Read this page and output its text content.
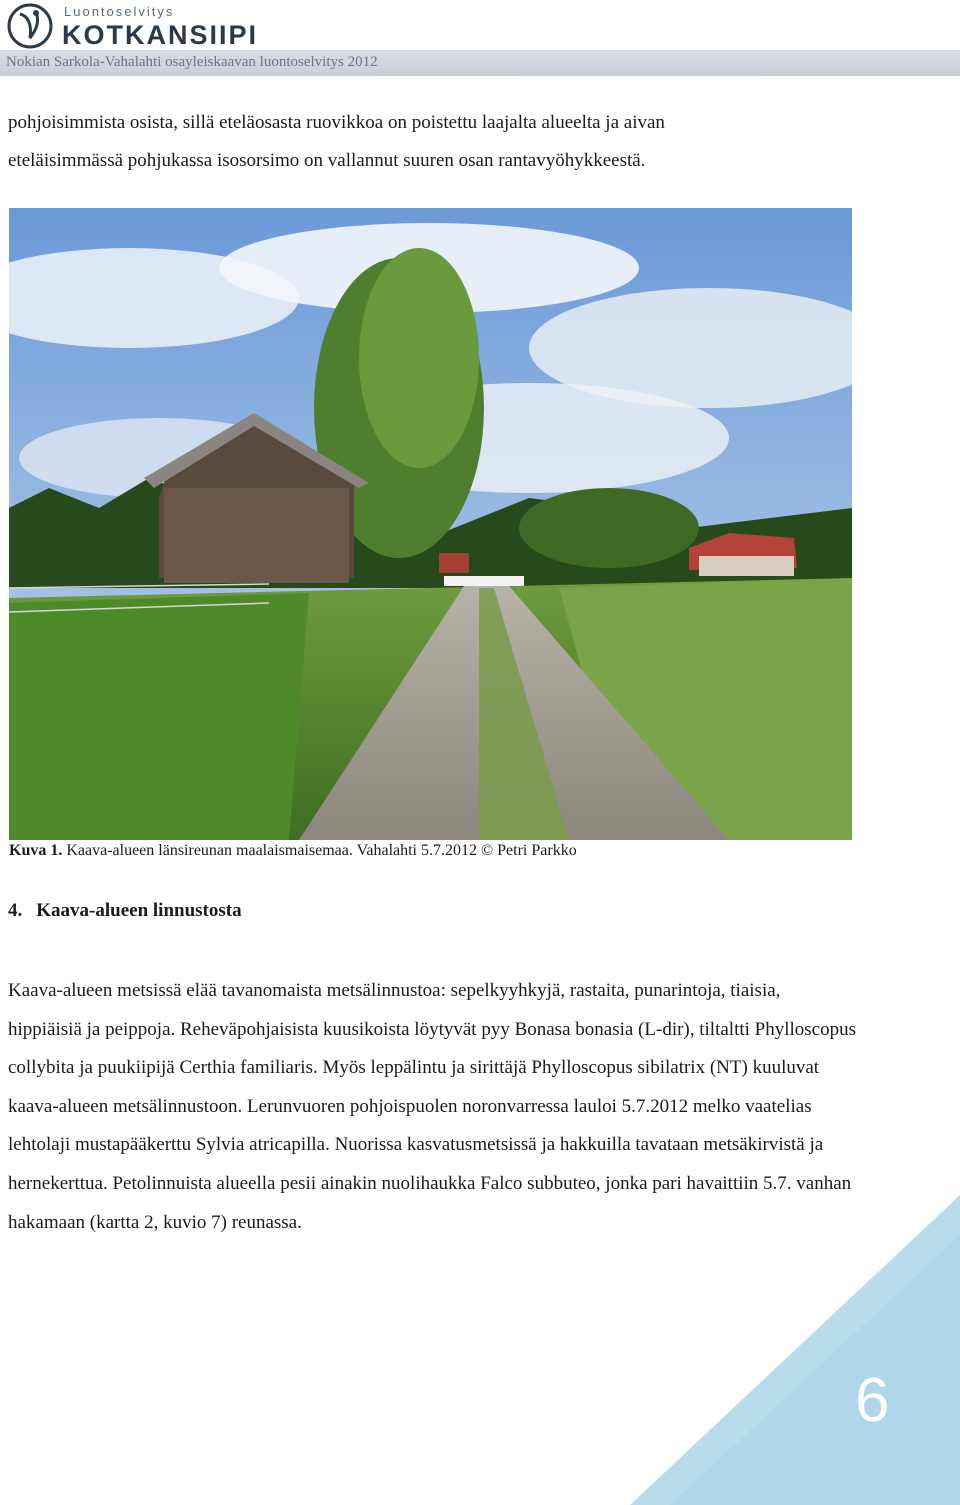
Luontoselvitys
KOTKANSIIPI
Nokian Sarkola-Vahalahti osayleiskaavan luontoselvitys 2012

pohjoisimmista osista, sillä eteläosasta ruovikkoa on poistettu laajalta alueelta ja aivan

eteläisimmässä pohjukassa isosorsimo on vallannut suuren osan rantavyöhykkeestä.

Kuva 1. Kaava-alueen länsireunan maalaismaisemaa. Vahalahti 5.7.2012 © Petri Parkko
4. Kaava-alueen linnustosta

Kaava-alueen metsissä elää tavanomaista metsälinnustoa: sepelkyyhkyjä, rastaita, punarintoja, tiaisia, hippiäisiä ja peippoja. Reheväpohjaisista kuusikoista löytyvät pyy Bonasa bonasia (L-dir), tiltaltti Phylloscopus collybita ja puukiipijä Certhia familiaris. Myös leppälintu ja sirittäjä Phylloscopus sibilatrix (NT) kuuluvat kaava-alueen metsälinnustoon. Lerunvuoren pohjoispuolen noronvarressa lauloi 5.7.2012 melko vaatelias lehtolaji mustapääkerttu Sylvia atricapilla. Nuorissa kasvatusmetsissä ja hakkuilla tavataan metsäkirvistä ja hernekerttua. Petolinnuista alueella pesii ainakin nuolihaukka Falco subbuteo, jonka pari havaittiin 5.7. vanhan hakamaan (kartta 2, kuvio 7) reunassa.

6
